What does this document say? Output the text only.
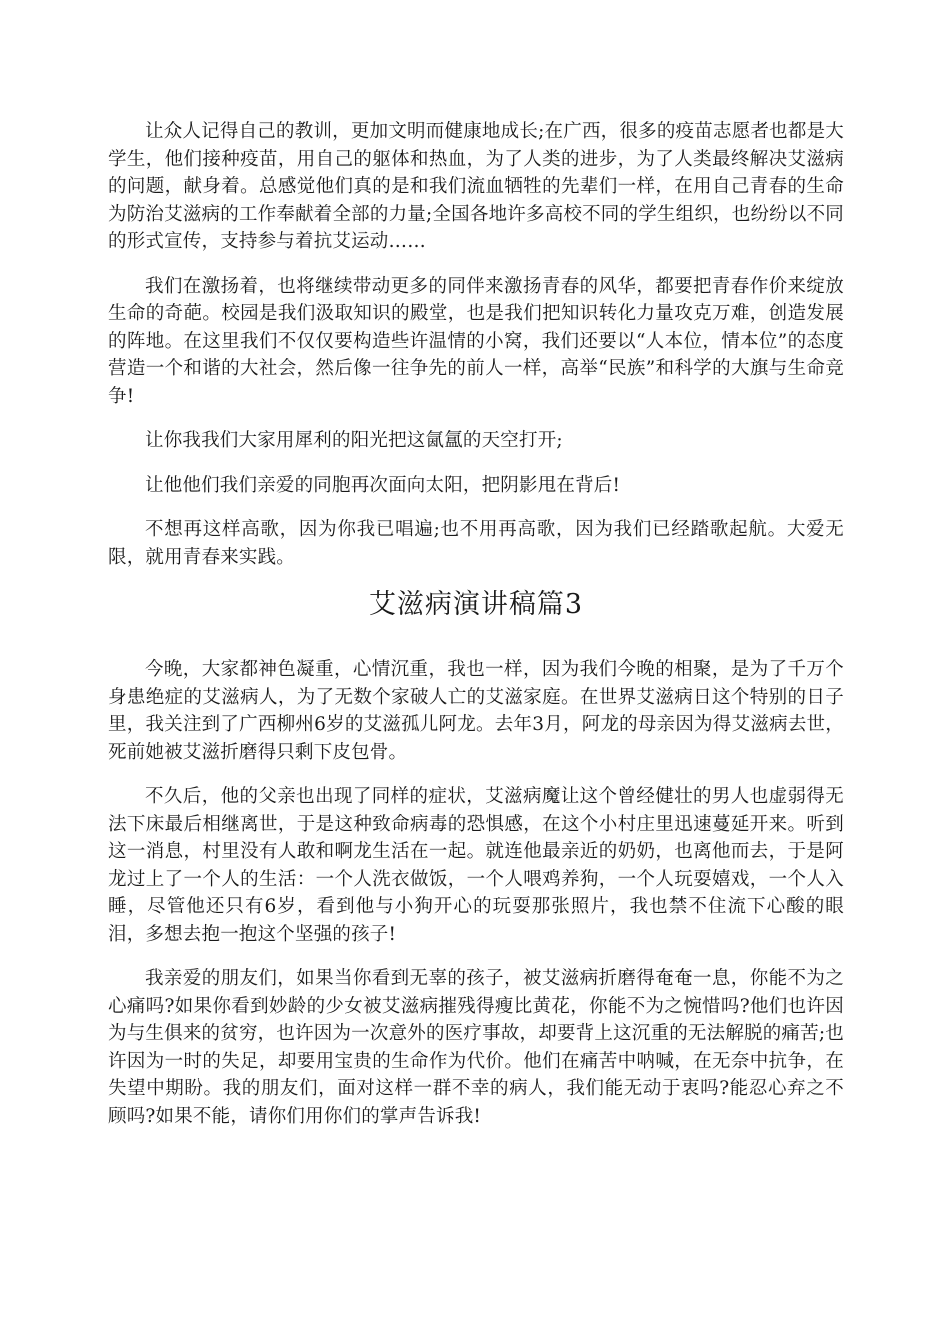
让众人记得自己的教训，更加文明而健康地成长;在广西，很多的疫苗志愿者也都是大学生，他们接种疫苗，用自己的躯体和热血，为了人类的进步，为了人类最终解决艾滋病的问题，献身着。总感觉他们真的是和我们流血牺牲的先辈们一样，在用自己青春的生命为防治艾滋病的工作奉献着全部的力量;全国各地许多高校不同的学生组织，也纷纷以不同的形式宣传，支持参与着抗艾运动……

我们在激扬着，也将继续带动更多的同伴来激扬青春的风华，都要把青春作价来绽放生命的奇葩。校园是我们汲取知识的殿堂，也是我们把知识转化力量攻克万难，创造发展的阵地。在这里我们不仅仅要构造些许温情的小窝，我们还要以“人本位，情本位”的态度营造一个和谐的大社会，然后像一往争先的前人一样，高举“民族”和科学的大旗与生命竞争!

让你我我们大家用犀利的阳光把这氤氲的天空打开;

让他他们我们亲爱的同胞再次面向太阳，把阴影甩在背后!

不想再这样高歌，因为你我已唱遍;也不用再高歌，因为我们已经踏歌起航。大爱无限，就用青春来实践。

艾滋病演讲稿篇3

今晚，大家都神色凝重，心情沉重，我也一样，因为我们今晚的相聚，是为了千万个身患绝症的艾滋病人，为了无数个家破人亡的艾滋家庭。在世界艾滋病日这个特别的日子里，我关注到了广西柳州6岁的艾滋孤儿阿龙。去年3月，阿龙的母亲因为得艾滋病去世，死前她被艾滋折磨得只剩下皮包骨。

不久后，他的父亲也出现了同样的症状，艾滋病魔让这个曾经健壮的男人也虚弱得无法下床最后相继离世，于是这种致命病毒的恐惧感，在这个小村庄里迅速蔓延开来。听到这一消息，村里没有人敢和啊龙生活在一起。就连他最亲近的奶奶，也离他而去，于是阿龙过上了一个人的生活：一个人洗衣做饭，一个人喂鸡养狗，一个人玩耍嬉戏，一个人入睡，尽管他还只有6岁，看到他与小狗开心的玩耍那张照片，我也禁不住流下心酸的眼泪，多想去抱一抱这个坚强的孩子!

我亲爱的朋友们，如果当你看到无辜的孩子，被艾滋病折磨得奄奄一息，你能不为之心痛吗?如果你看到妙龄的少女被艾滋病摧残得瘦比黄花，你能不为之惋惜吗?他们也许因为与生俱来的贫穷，也许因为一次意外的医疗事故，却要背上这沉重的无法解脱的痛苦;也许因为一时的失足，却要用宝贵的生命作为代价。他们在痛苦中呐喊，在无奈中抗争，在失望中期盼。我的朋友们，面对这样一群不幸的病人，我们能无动于衷吗?能忍心弃之不顾吗?如果不能，请你们用你们的掌声告诉我!
